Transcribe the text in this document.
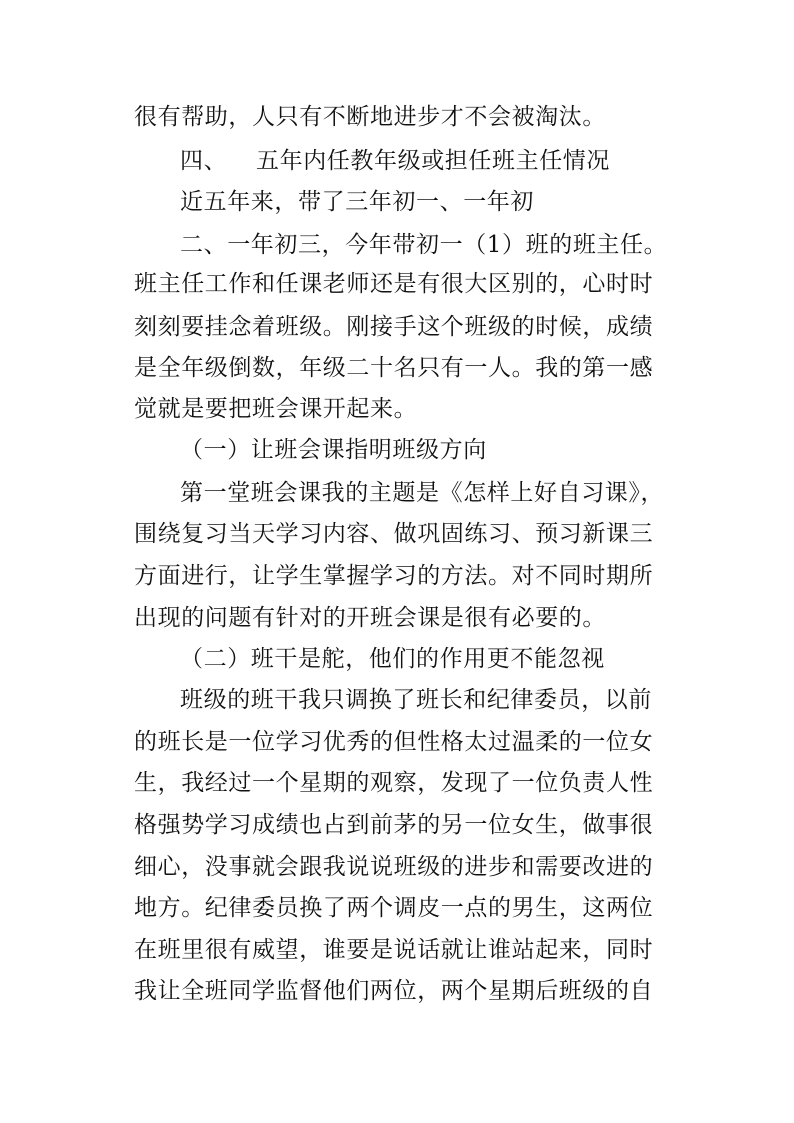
很有帮助，人只有不断地进步才不会被淘汰。
四、 五年内任教年级或担任班主任情况
近五年来，带了三年初一、一年初
二、一年初三，今年带初一（1）班的班主任。
班主任工作和任课老师还是有很大区别的，心时时
刻刻要挂念着班级。刚接手这个班级的时候，成绩
是全年级倒数，年级二十名只有一人。我的第一感
觉就是要把班会课开起来。
（一）让班会课指明班级方向
第一堂班会课我的主题是《怎样上好自习课》，
围绕复习当天学习内容、做巩固练习、预习新课三
方面进行，让学生掌握学习的方法。对不同时期所
出现的问题有针对的开班会课是很有必要的。
（二）班干是舵，他们的作用更不能忽视
班级的班干我只调换了班长和纪律委员，以前
的班长是一位学习优秀的但性格太过温柔的一位女
生，我经过一个星期的观察，发现了一位负责人性
格强势学习成绩也占到前茅的另一位女生，做事很
细心，没事就会跟我说说班级的进步和需要改进的
地方。纪律委员换了两个调皮一点的男生，这两位
在班里很有威望，谁要是说话就让谁站起来，同时
我让全班同学监督他们两位，两个星期后班级的自
